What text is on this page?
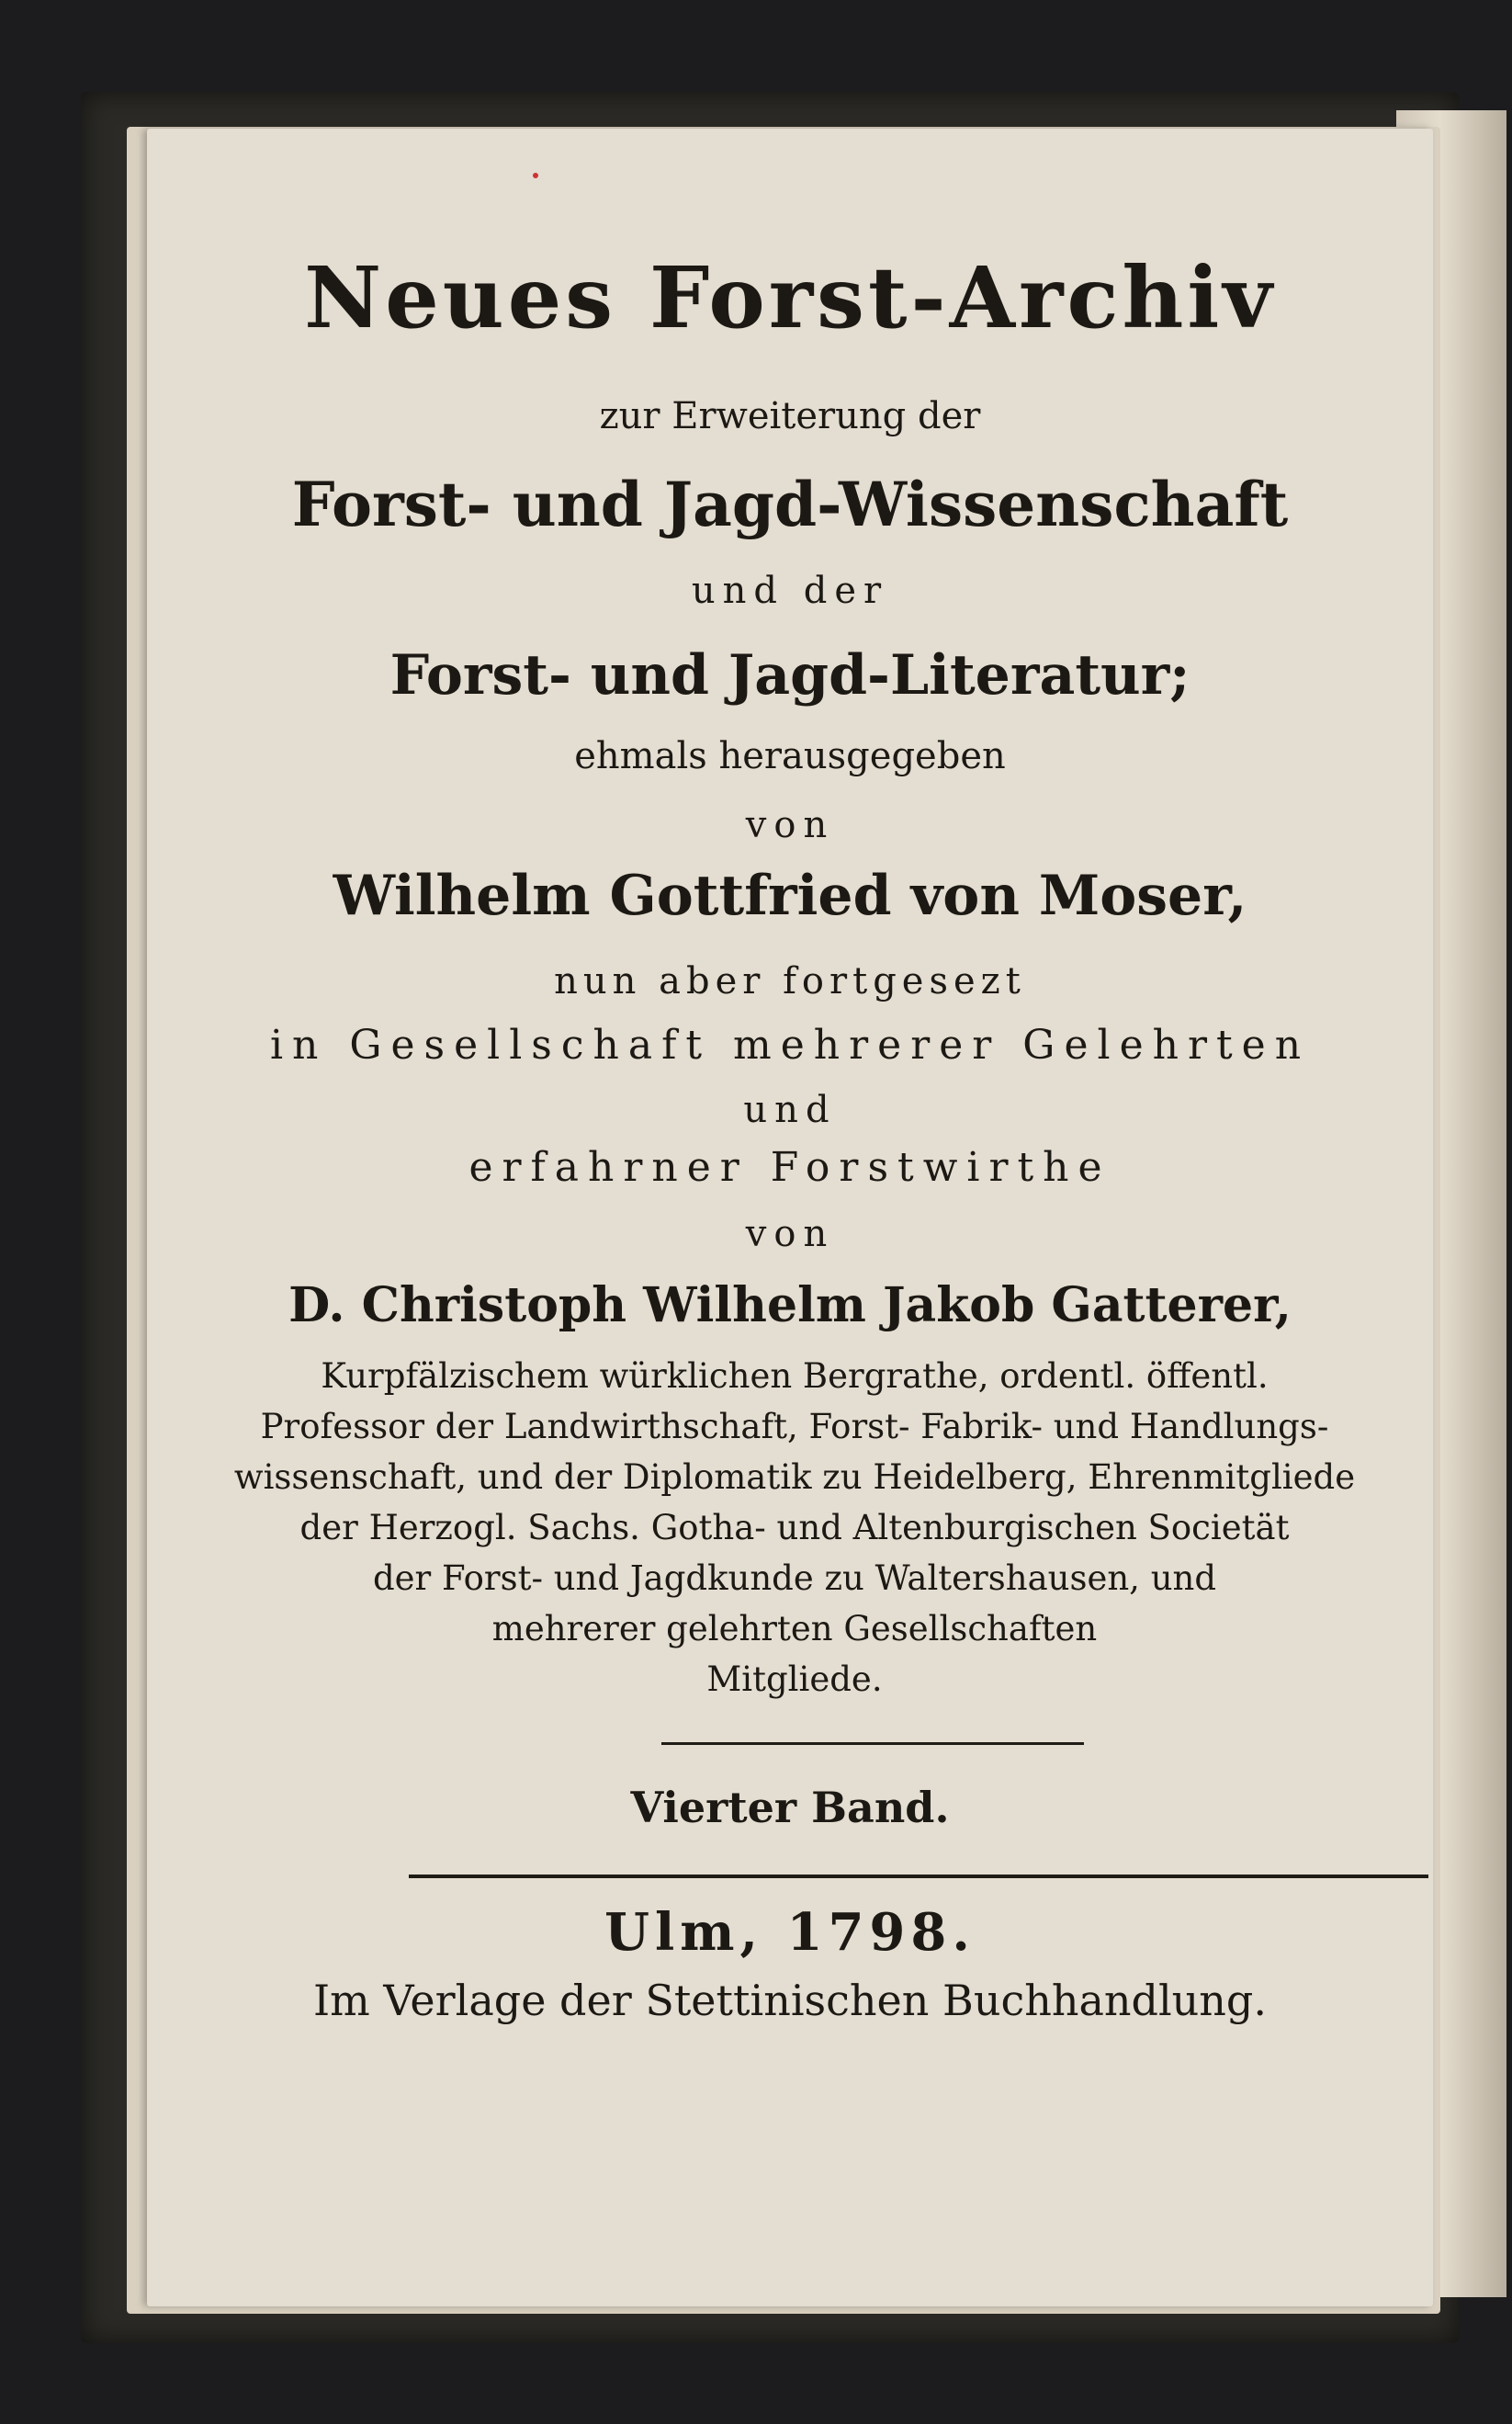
Neues Forst-Archiv
zur Erweiterung der
Forst- und Jagd-Wissenschaft
und der
Forst- und Jagd-Literatur;
ehmals herausgegeben
von
Wilhelm Gottfried von Moser,
nun aber fortgesezt
in Gesellschaft mehrerer Gelehrten
und
erfahrner Forstwirthe
von
D. Christoph Wilhelm Jakob Gatterer,
Kurpfälzischem würklichen Bergrathe, ordentl. öffentl.
Professor der Landwirthschaft, Forst- Fabrik- und Handlungs-
wissenschaft, und der Diplomatik zu Heidelberg, Ehrenmitgliede
der Herzogl. Sachs. Gotha- und Altenburgischen Societät
der Forst- und Jagdkunde zu Waltershausen, und
mehrerer gelehrten Gesellschaften
Mitgliede.
Vierter Band.
Ulm, 1798.
Im Verlage der Stettinischen Buchhandlung.
